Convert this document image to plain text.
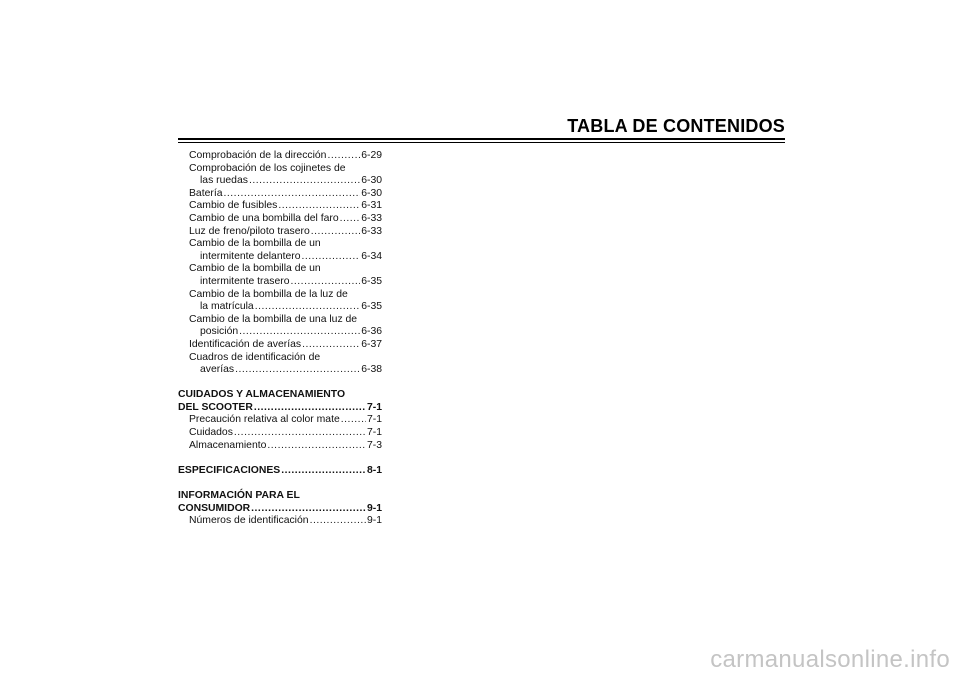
TABLA DE CONTENIDOS
Comprobación de la dirección .....	6-29
Comprobación de los cojinetes de
las ruedas .....	6-30
Batería .....	6-30
Cambio de fusibles .....	6-31
Cambio de una bombilla del faro ..... 6-33
Luz de freno/piloto trasero .....	6-33
Cambio de la bombilla de un
intermitente delantero .....	6-34
Cambio de la bombilla de un
intermitente trasero .....	6-35
Cambio de la bombilla de la luz de
la matrícula .....	6-35
Cambio de la bombilla de una luz de
posición .....	6-36
Identificación de averías .....	6-37
Cuadros de identificación de
averías .....	6-38
CUIDADOS Y ALMACENAMIENTO
DEL SCOOTER .....	7-1
Precaución relativa al color mate .....	7-1
Cuidados .....	7-1
Almacenamiento .....	7-3
ESPECIFICACIONES .....	8-1
INFORMACIÓN PARA EL
CONSUMIDOR .....	9-1
Números de identificación .....	9-1
carmanualsonline.info
